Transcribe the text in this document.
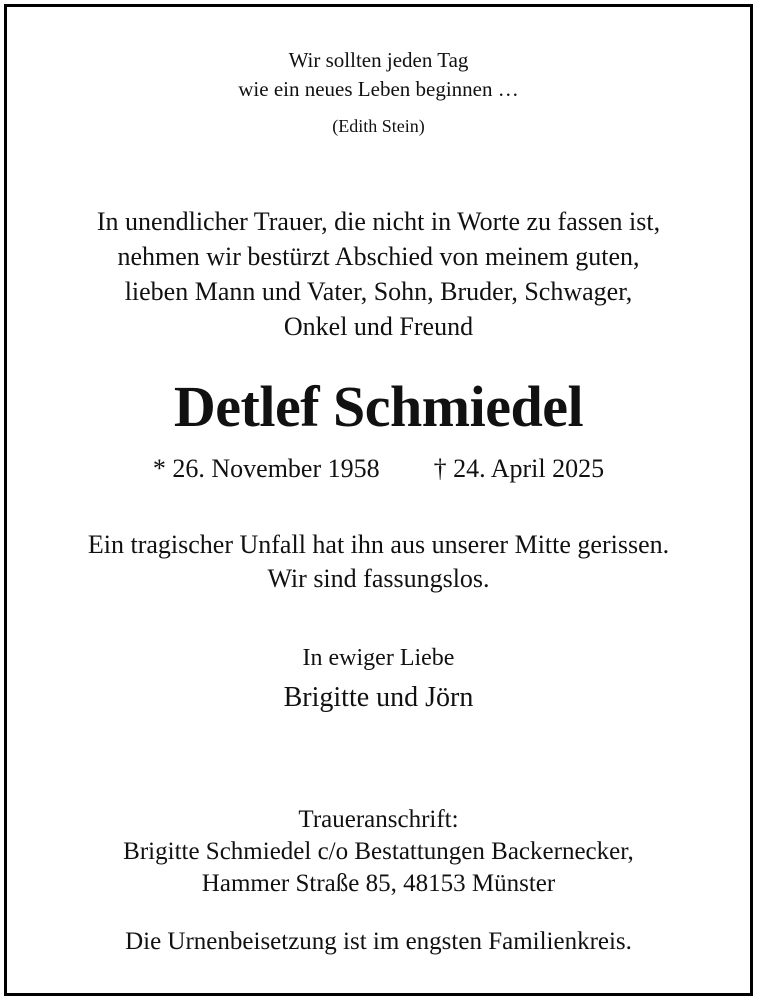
Wir sollten jeden Tag
wie ein neues Leben beginnen …
(Edith Stein)
In unendlicher Trauer, die nicht in Worte zu fassen ist,
nehmen wir bestürzt Abschied von meinem guten,
lieben Mann und Vater, Sohn, Bruder, Schwager,
Onkel und Freund
Detlef Schmiedel
* 26. November 1958 † 24. April 2025
Ein tragischer Unfall hat ihn aus unserer Mitte gerissen.
Wir sind fassungslos.
In ewiger Liebe
Brigitte und Jörn
Traueranschrift:
Brigitte Schmiedel c/o Bestattungen Backernecker,
Hammer Straße 85, 48153 Münster
Die Urnenbeisetzung ist im engsten Familienkreis.
